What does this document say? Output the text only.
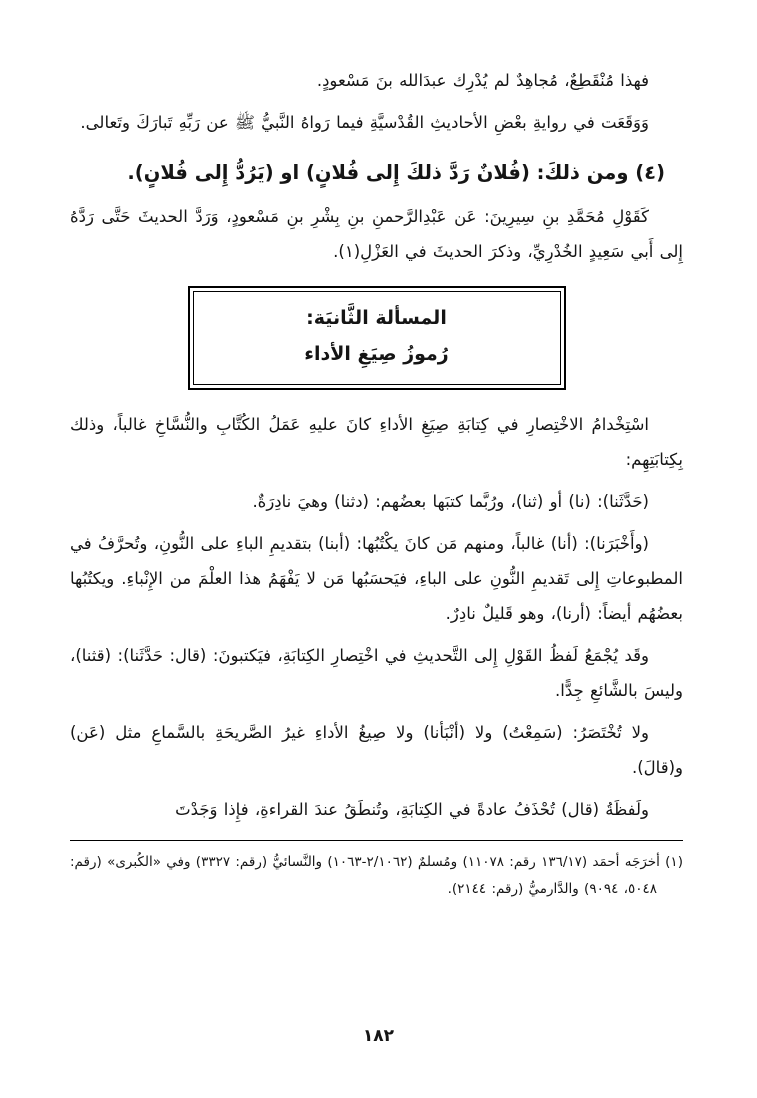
فهذا مُنْقَطِعٌ، مُجاهِدٌ لم يُدْرِك عبدَالله بنَ مَسْعودٍ.

وَوَقَعَت في روايةِ بعْضِ الأحاديثِ القُدْسيَّةِ فيما رَواهُ النَّبيُّ ﷺ عن رَبِّهِ تَبارَكَ وتَعالى.

(٤) ومن ذلكَ: (فُلانٌ رَدَّ ذلكَ إِلى فُلانٍ) او (يَرُدُّ إِلى فُلانٍ).

كَقَوْلِ مُحَمَّدِ بنِ سِيرِينَ: عَن عَبْدِالرَّحمنِ بنِ بِشْرِ بنِ مَسْعودٍ، وَرَدَّ الحديثَ حَتَّى رَدَّهُ إِلى أَبي سَعِيدٍ الخُدْرِيِّ، وذكرَ الحديثَ في العَزْلِ(١).

المسألة الثَّانيَة:
رُموزُ صِيَغِ الأداء

اسْتِخْدامُ الاخْتِصارِ في كِتابَةِ صِيَغِ الأداءِ كانَ عليهِ عَمَلُ الكُتَّابِ والنُّسَّاخِ غالباً، وذلك بِكِتابَتِهِم:

(حَدَّثَنا): (نا) أو (ثنا)، ورُبَّما كتبَها بعضُهم: (دثنا) وهيَ نادِرَةٌ.

(وأَخْبَرَنا): (أنا) غالباً، ومنهم مَن كانَ يكْتُبُها: (أبنا) بتقديمِ الباءِ على النُّونِ، وتُحرَّفُ في المطبوعاتِ إِلى تَقديمِ النُّونِ على الباءِ، فيَحسَبُها مَن لا يَفْهَمُ هذا العلْمَ من الإِنْباءِ. ويكتُبُها بعضُهُم أيضاً: (أرنا)، وهو قَليلٌ نادِرٌ.

وقَد يُجْمَعُ لَفظُ القَوْلِ إِلى التَّحديثِ في اخْتِصارِ الكِتابَةِ، فيَكتبونَ: (قال: حَدَّثَنا): (قثنا)، وليسَ بالشَّائعِ جِدًّا.

ولا تُخْتَصَرُ: (سَمِعْتُ) ولا (أنْبَأنا) ولا صِيغُ الأداءِ غيرُ الصَّريحَةِ بالسَّماعِ مثل (عَن) و(قالَ).

ولَفظَةُ (قال) تُحْذَفُ عادةً في الكِتابَةِ، وتُنطَقُ عندَ القراءةِ، فإِذا وَجَدْتَ

(١) أخرَجَه أحمَد (١٣٦/١٧ رقم: ١١٠٧٨) ومُسلمٌ (٢/١٠٦٢-١٠٦٣) والنَّسائيُّ (رقم: ٣٣٢٧) وفي «الكُبرى» (رقم: ٥٠٤٨، ٩٠٩٤) والدَّارميُّ (رقم: ٢١٤٤).

١٨٢
